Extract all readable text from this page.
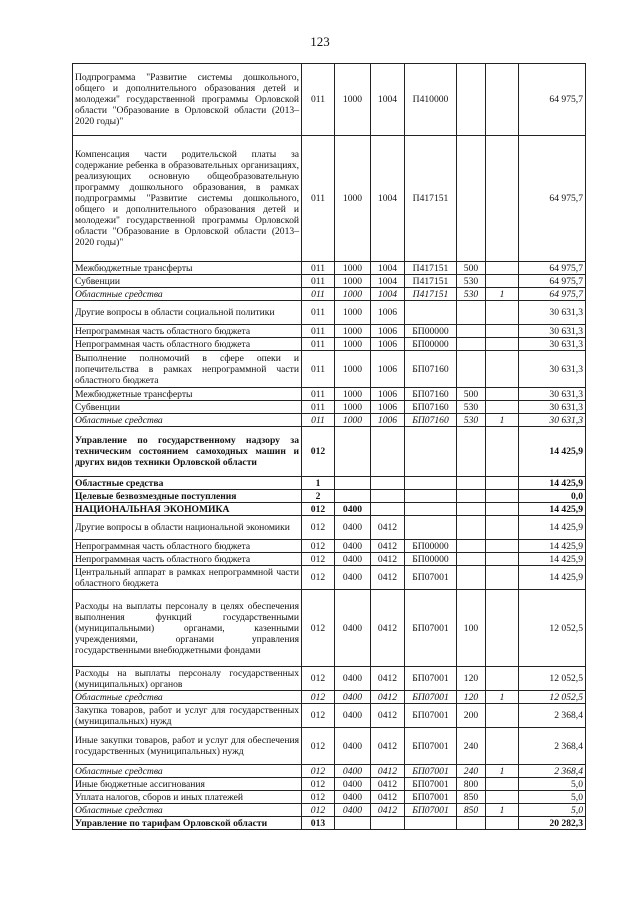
123
Подпрограмма "Развитие системы дошкольного, общего и дополнительного образования детей и молодежи" государственной программы Орловской области "Образование в Орловской области (2013–2020 годы)"	011	1000	1004	П410000			64 975,7
Компенсация части родительской платы за содержание ребенка в образовательных организациях, реализующих основную общеобразовательную программу дошкольного образования, в рамках подпрограммы "Развитие системы дошкольного, общего и дополнительного образования детей и молодежи" государственной программы Орловской области "Образование в Орловской области (2013–2020 годы)"	011	1000	1004	П417151			64 975,7
Межбюджетные трансферты	011	1000	1004	П417151	500		64 975,7
Субвенции	011	1000	1004	П417151	530		64 975,7
Областные средства	011	1000	1004	П417151	530	1	64 975,7
Другие вопросы в области социальной политики	011	1000	1006				30 631,3
Непрограммная часть областного бюджета	011	1000	1006	БП00000			30 631,3
Непрограммная часть областного бюджета	011	1000	1006	БП00000			30 631,3
Выполнение полномочий в сфере опеки и попечительства в рамках непрограммной части областного бюджета	011	1000	1006	БП07160			30 631,3
Межбюджетные трансферты	011	1000	1006	БП07160	500		30 631,3
Субвенции	011	1000	1006	БП07160	530		30 631,3
Областные средства	011	1000	1006	БП07160	530	1	30 631,3
Управление по государственному надзору за техническим состоянием самоходных машин и других видов техники Орловской области	012						14 425,9
Областные средства	1						14 425,9
Целевые безвозмездные поступления	2						0,0
НАЦИОНАЛЬНАЯ ЭКОНОМИКА	012	0400					14 425,9
Другие вопросы в области национальной экономики	012	0400	0412				14 425,9
Непрограммная часть областного бюджета	012	0400	0412	БП00000			14 425,9
Непрограммная часть областного бюджета	012	0400	0412	БП00000			14 425,9
Центральный аппарат в рамках непрограммной части областного бюджета	012	0400	0412	БП07001			14 425,9
Расходы на выплаты персоналу в целях обеспечения выполнения функций государственными (муниципальными) органами, казенными учреждениями, органами управления государственными внебюджетными фондами	012	0400	0412	БП07001	100		12 052,5
Расходы на выплаты персоналу государственных (муниципальных) органов	012	0400	0412	БП07001	120		12 052,5
Областные средства	012	0400	0412	БП07001	120	1	12 052,5
Закупка товаров, работ и услуг для государственных (муниципальных) нужд	012	0400	0412	БП07001	200		2 368,4
Иные закупки товаров, работ и услуг для обеспечения государственных (муниципальных) нужд	012	0400	0412	БП07001	240		2 368,4
Областные средства	012	0400	0412	БП07001	240	1	2 368,4
Иные бюджетные ассигнования	012	0400	0412	БП07001	800		5,0
Уплата налогов, сборов и иных платежей	012	0400	0412	БП07001	850		5,0
Областные средства	012	0400	0412	БП07001	850	1	5,0
Управление по тарифам Орловской области	013						20 282,3
